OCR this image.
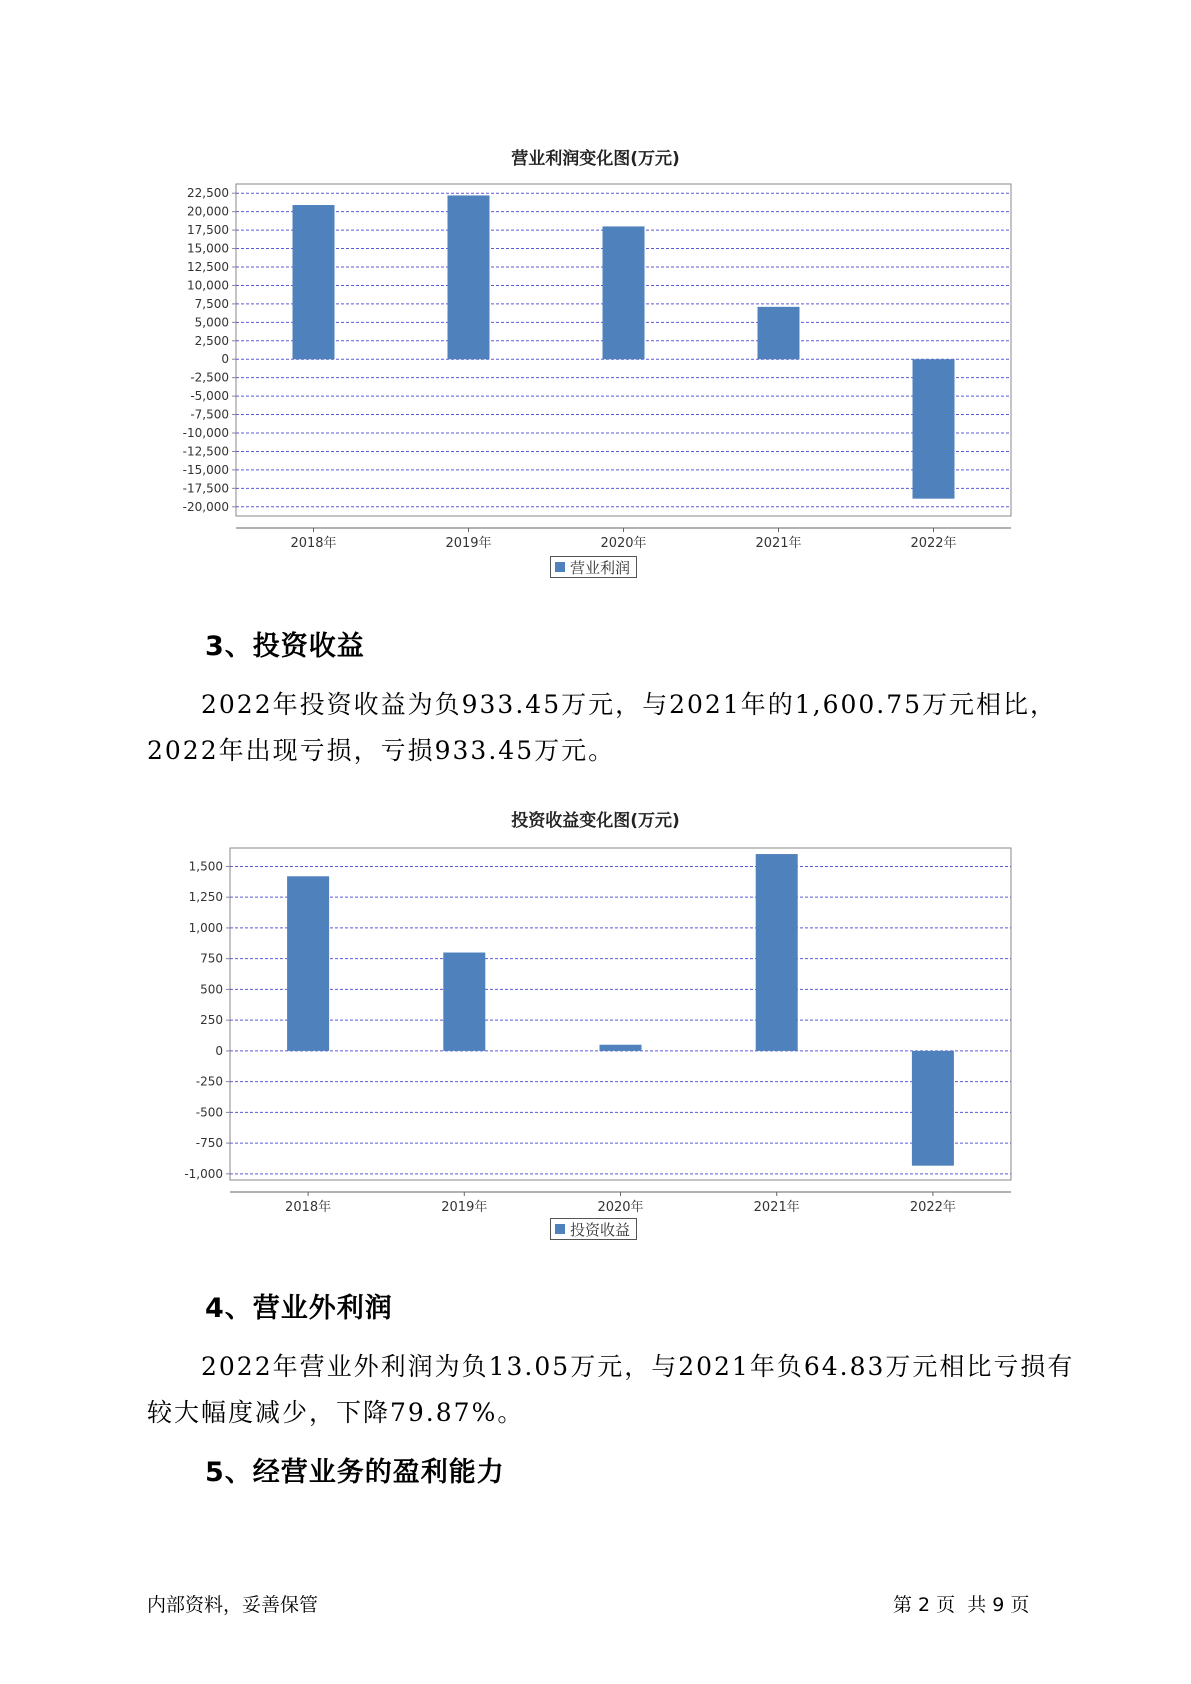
营业利润变化图(万元)
22,500
20,000
17,500
15,000
12,500
10,000
7,500
5,000
2,500
0
-2,500
-5,000
-7,500
-10,000
-12,500
-15,000
-17,500
-20,000
2018年	2019年	2020年	2021年	2022年
营业利润
3、投资收益

2022年投资收益为负933.45万元，与2021年的1,600.75万元相比，2022年出现亏损，亏损933.45万元。

投资收益变化图(万元)
1,500
1,250
1,000
750
500
250
0
-250
-500
-750
-1,000
2018年	2019年	2020年	2021年	2022年
投资收益
4、营业外利润

2022年营业外利润为负13.05万元，与2021年负64.83万元相比亏损有较大幅度减少，下降79.87%。

5、经营业务的盈利能力
内部资料，妥善保管	第 2 页  共 9 页
